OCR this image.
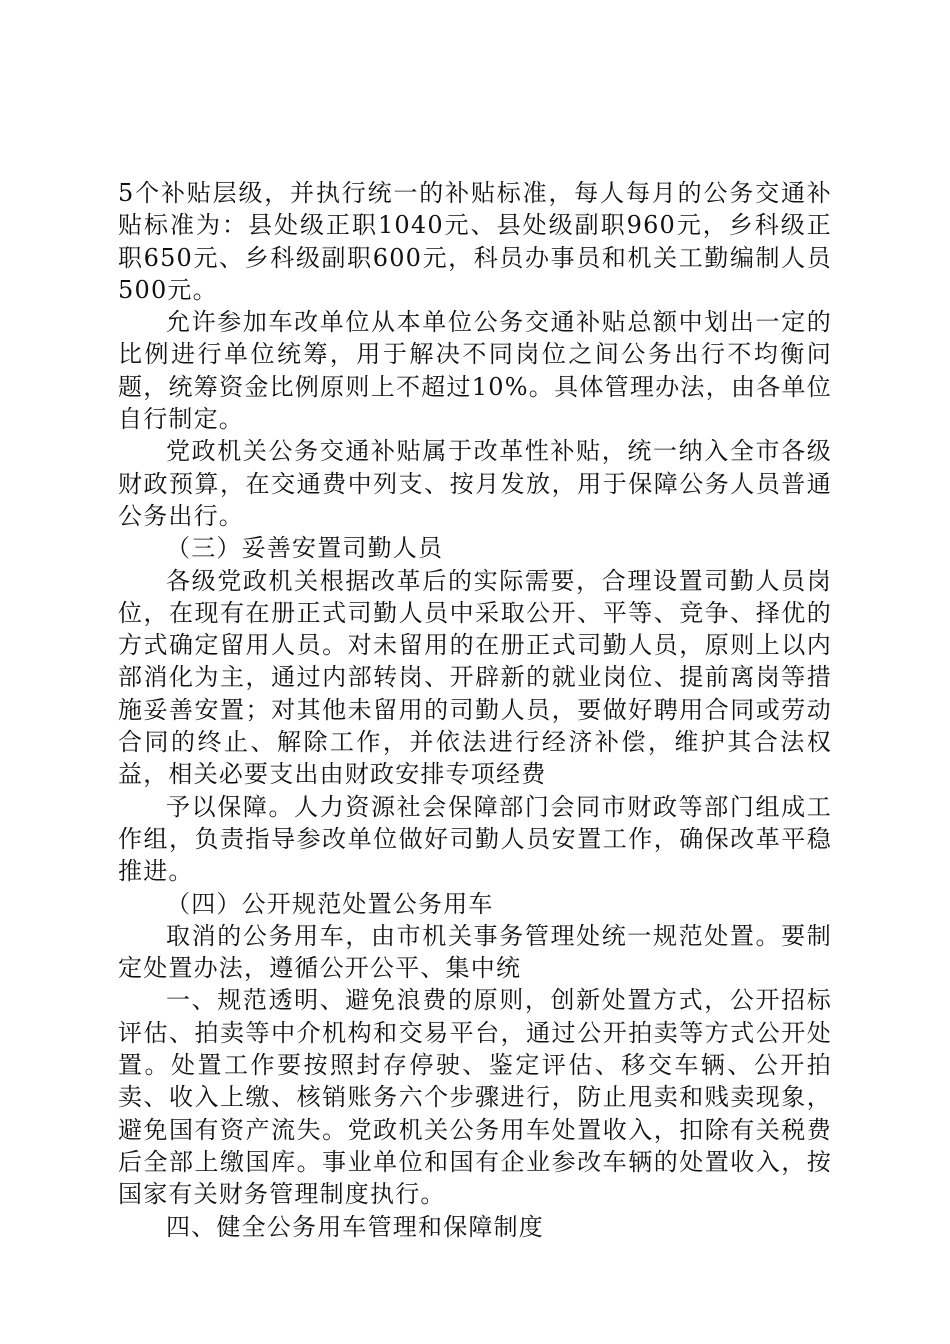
5个补贴层级，并执行统一的补贴标准，每人每月的公务交通补贴标准为：县处级正职1040元、县处级副职960元，乡科级正职650元、乡科级副职600元，科员办事员和机关工勤编制人员500元。

允许参加车改单位从本单位公务交通补贴总额中划出一定的比例进行单位统筹，用于解决不同岗位之间公务出行不均衡问题，统筹资金比例原则上不超过10%。具体管理办法，由各单位自行制定。

党政机关公务交通补贴属于改革性补贴，统一纳入全市各级财政预算，在交通费中列支、按月发放，用于保障公务人员普通公务出行。

（三）妥善安置司勤人员

各级党政机关根据改革后的实际需要，合理设置司勤人员岗位，在现有在册正式司勤人员中采取公开、平等、竞争、择优的方式确定留用人员。对未留用的在册正式司勤人员，原则上以内部消化为主，通过内部转岗、开辟新的就业岗位、提前离岗等措施妥善安置；对其他未留用的司勤人员，要做好聘用合同或劳动合同的终止、解除工作，并依法进行经济补偿，维护其合法权益，相关必要支出由财政安排专项经费

予以保障。人力资源社会保障部门会同市财政等部门组成工作组，负责指导参改单位做好司勤人员安置工作，确保改革平稳推进。

（四）公开规范处置公务用车

取消的公务用车，由市机关事务管理处统一规范处置。要制定处置办法，遵循公开公平、集中统

一、规范透明、避免浪费的原则，创新处置方式，公开招标评估、拍卖等中介机构和交易平台，通过公开拍卖等方式公开处置。处置工作要按照封存停驶、鉴定评估、移交车辆、公开拍卖、收入上缴、核销账务六个步骤进行，防止甩卖和贱卖现象，避免国有资产流失。党政机关公务用车处置收入，扣除有关税费后全部上缴国库。事业单位和国有企业参改车辆的处置收入，按国家有关财务管理制度执行。

四、健全公务用车管理和保障制度
